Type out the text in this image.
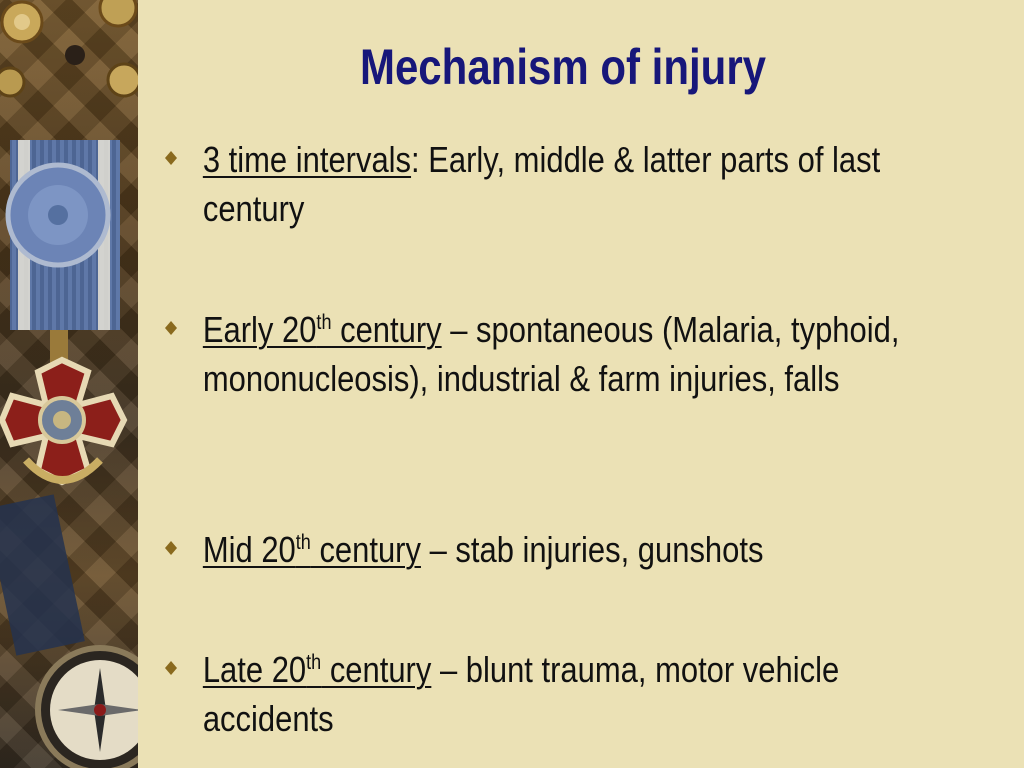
Mechanism of injury
3 time intervals: Early, middle & latter parts of last century
Early 20th century – spontaneous (Malaria, typhoid, mononucleosis), industrial & farm injuries, falls
Mid 20th century – stab injuries, gunshots
Late 20th century – blunt trauma, motor vehicle accidents
